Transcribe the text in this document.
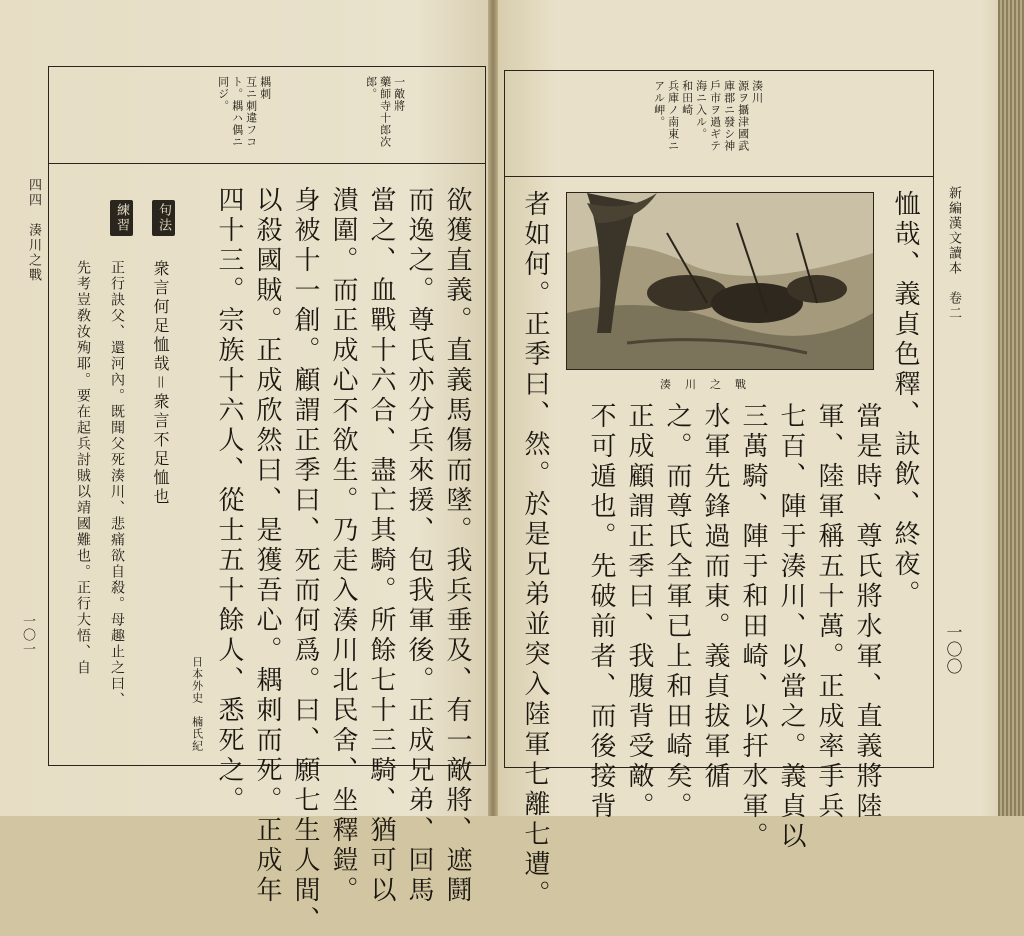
一敵將
藥師寺十郎次
郎。
耦刺
互ニ刺違フコ
ト。耦ハ偶ニ
同ジ。
四四　湊川之戰
一〇一	欲獲直義。直義馬傷而墜。我兵垂及、有一敵將、遮鬪
而逸之。尊氏亦分兵來援、包我軍後。正成兄弟、回馬
當之、血戰十六合、盡亡其騎。所餘七十三騎、猶可以
潰圍。而正成心不欲生。乃走入湊川北民舍、坐釋鎧。
身被十一創。顧謂正季曰、死而何爲。曰、願七生人間、
以殺國賊。正成欣然曰、是獲吾心。耦刺而死。正成年
四十三。宗族十六人、從士五十餘人、悉死之。
日本外史　楠氏紀
句法
衆言何足恤哉＝衆言不足恤也
練習
正行訣父、還河內。既聞父死湊川、悲痛欲自殺。母趣止之曰、
先考豈敎汝殉耶。要在起兵討賊以靖國難也。正行大悟、自
湊川
源ヲ攝津國武
庫郡ニ發シ神
戶市ヲ過ギテ
海ニ入ル。
和田崎
兵庫ノ南東ニ
アル岬。
新編漢文讀本　卷二
一〇〇
恤哉、義貞色釋、訣飲、終夜。
當是時、尊氏將水軍、直義將陸
軍、陸軍稱五十萬。正成率手兵
七百、陣于湊川、以當之。義貞以
三萬騎、陣于和田崎、以扞水軍。
水軍先鋒過而東。義貞拔軍循
之。而尊氏全軍已上和田崎矣。
正成顧謂正季曰、我腹背受敵。
不可遁也。先破前者、而後接背
者如何。正季曰、然。於是兄弟並突入陸軍七離七遭。	湊川之戰
